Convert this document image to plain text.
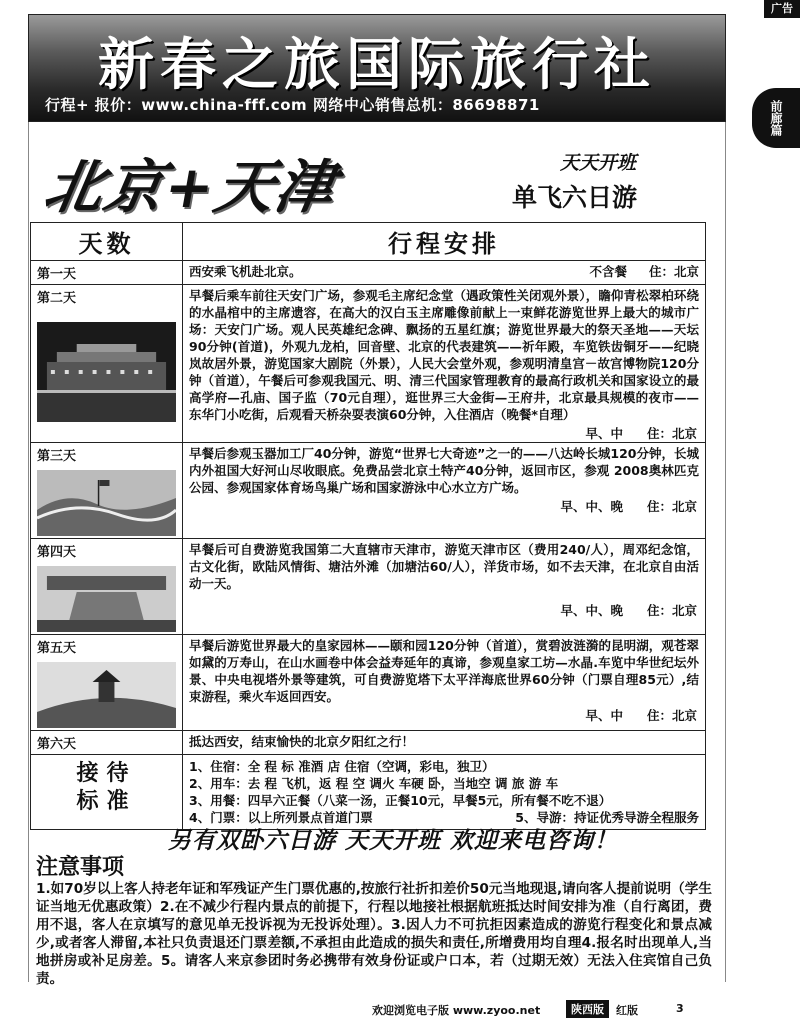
广告
新春之旅国际旅行社
行程+ 报价：www.china-fff.com 网络中心销售总机：86698871	前廊篇
北京+天津	天天开班
单飞六日游
天数	行程安排

第一天	西安乘飞机赴北京。 不含餐 住：北京

第二天	早餐后乘车前往天安门广场，参观毛主席纪念堂（遇政策性关闭观外景），瞻仰青松翠柏环绕的水晶棺中的主席遗容，在高大的汉白玉主席雕像前献上一束鲜花游览世界上最大的城市广场：天安门广场。观人民英雄纪念碑、飘扬的五星红旗；游览世界最大的祭天圣地——天坛90分钟(首道)，外观九龙柏，回音壁、北京的代表建筑——祈年殿，车览铁齿铜牙——纪晓岚故居外景，游览国家大剧院（外景），人民大会堂外观，参观明清皇宫－故宫博物院120分钟（首道），午餐后可参观我国元、明、清三代国家管理教育的最高行政机关和国家设立的最高学府—孔庙、国子监（70元自理），逛世界三大金街—王府井，北京最具规模的夜市——东华门小吃街，后观看天桥杂耍表演60分钟，入住酒店（晚餐*自理）
早、中 住：北京

第三天	早餐后参观玉器加工厂40分钟，游览“世界七大奇迹”之一的——八达岭长城120分钟，长城内外祖国大好河山尽收眼底。免费品尝北京土特产40分钟，返回市区，参观 2008奥林匹克公园、参观国家体育场鸟巢广场和国家游泳中心水立方广场。
早、中、晚 住：北京

第四天	早餐后可自费游览我国第二大直辖市天津市，游览天津市区（费用240/人），周邓纪念馆，古文化街，欧陆风情街、塘沽外滩（加塘沽60/人），洋货市场，如不去天津，在北京自由活动一天。
早、中、晚 住：北京

第五天	早餐后游览世界最大的皇家园林——颐和园120分钟（首道），赏碧波涟漪的昆明湖，观苍翠如黛的万寿山，在山水画卷中体会益寿延年的真谛，参观皇家工坊—水晶.车览中华世纪坛外景、中央电视塔外景等建筑，可自费游览塔下太平洋海底世界60分钟（门票自理85元）,结束游程，乘火车返回西安。
早、中 住：北京

第六天	抵达西安，结束愉快的北京夕阳红之行！

接待标准	1、住宿：全 程 标 准酒 店 住宿（空调，彩电，独卫）
2、用车：去 程 飞机，返 程 空 调火 车硬 卧，当地空 调 旅 游 车
3、用餐：四早六正餐（八菜一汤，正餐10元，早餐5元，所有餐不吃不退）
4、门票：以上所列景点首道门票 5、导游：持证优秀导游全程服务
另有双卧六日游 天天开班 欢迎来电咨询！
注意事项
1.如70岁以上客人持老年证和军残证产生门票优惠的,按旅行社折扣差价50元当地现退,请向客人提前说明（学生证当地无优惠政策）2.在不减少行程内景点的前提下，行程以地接社根据航班抵达时间安排为准（自行离团，费用不退，客人在京填写的意见单无投诉视为无投诉处理）。3.因人力不可抗拒因素造成的游览行程变化和景点减少,或者客人滞留,本社只负责退还门票差额,不承担由此造成的损失和责任,所增费用均自理4.报名时出现单人,当地拼房或补足房差。5。请客人来京参团时务必携带有效身份证或户口本，若（过期无效）无法入住宾馆自己负责。
欢迎浏览电子版 www.zyoo.net	陕西版	红版	3
